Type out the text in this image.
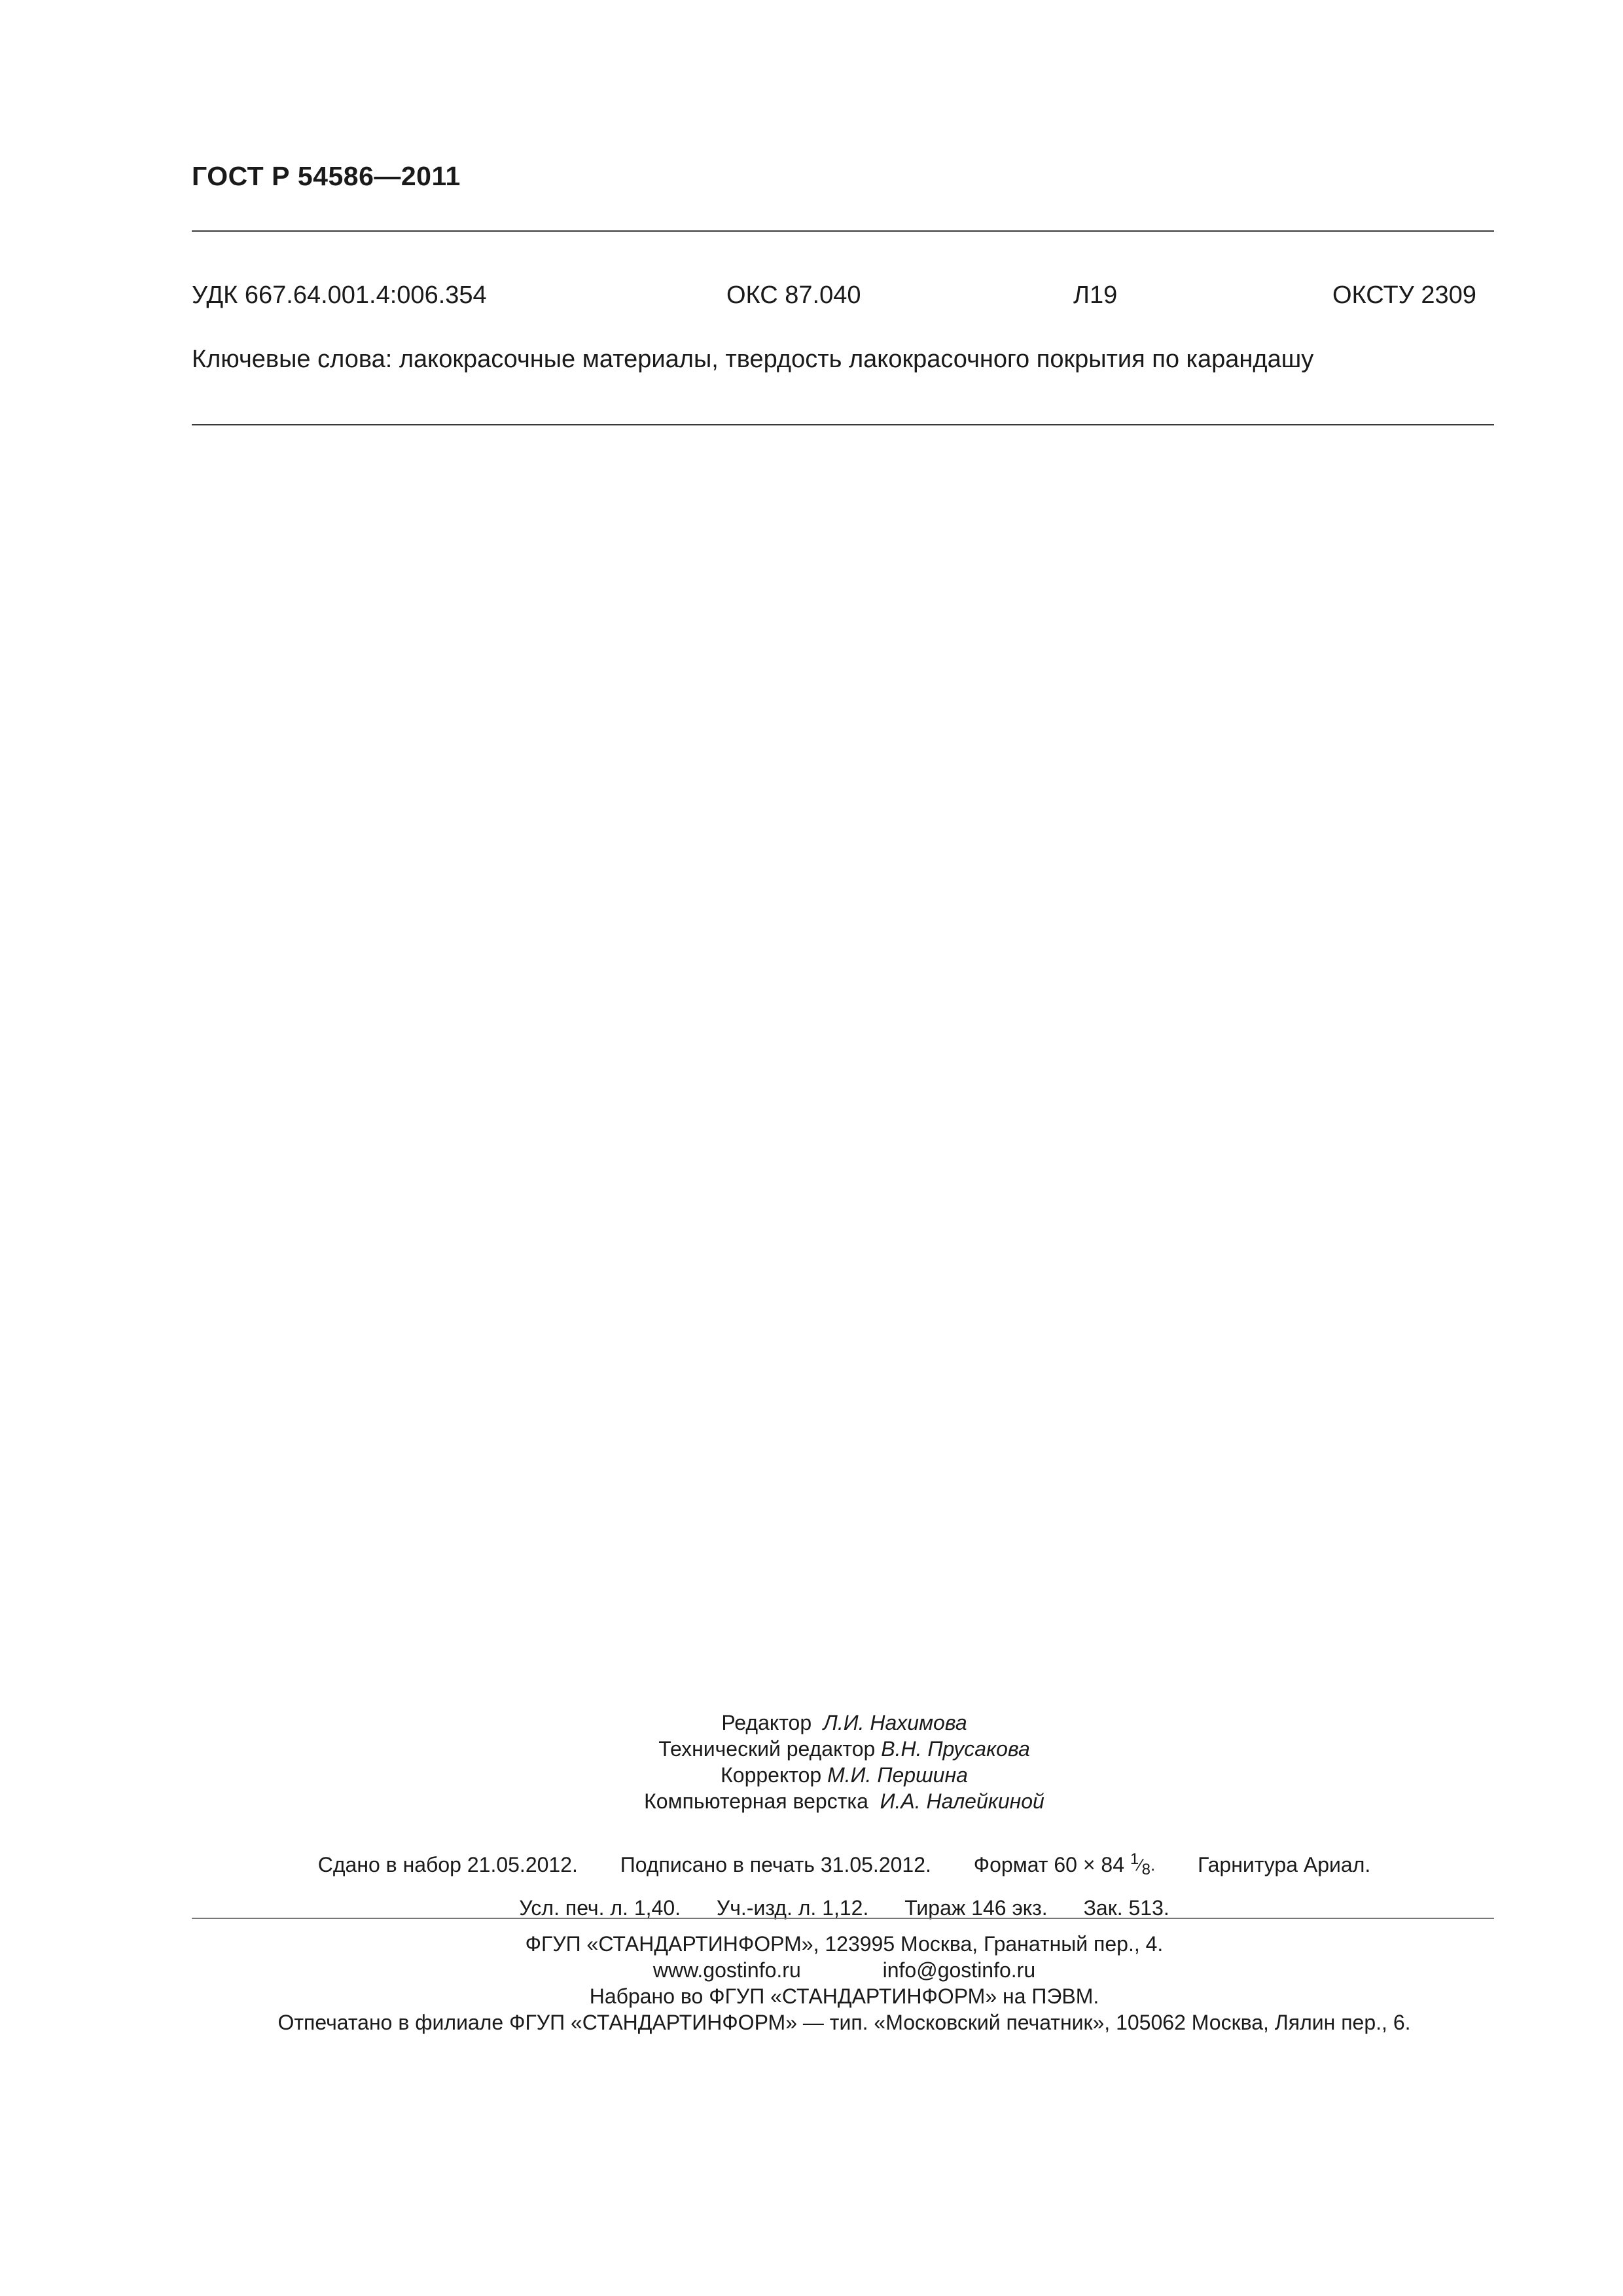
ГОСТ Р 54586—2011
УДК 667.64.001.4:006.354	ОКС 87.040	Л19	ОКСТУ 2309
Ключевые слова: лакокрасочные материалы, твердость лакокрасочного покрытия по карандашу
Редактор Л.И. Нахимова
Технический редактор В.Н. Прусакова
Корректор М.И. Першина
Компьютерная верстка И.А. Налейкиной
Сдано в набор 21.05.2012. Подписано в печать 31.05.2012. Формат 60 × 84 $^1⁄_8$. Гарнитура Ариал.
Усл. печ. л. 1,40. Уч.-изд. л. 1,12. Тираж 146 экз. Зак. 513.
ФГУП «СТАНДАРТИНФОРМ», 123995 Москва, Гранатный пер., 4.
www.gostinfo.ru	info@gostinfo.ru
Набрано во ФГУП «СТАНДАРТИНФОРМ» на ПЭВМ.
Отпечатано в филиале ФГУП «СТАНДАРТИНФОРМ» — тип. «Московский печатник», 105062 Москва, Лялин пер., 6.
